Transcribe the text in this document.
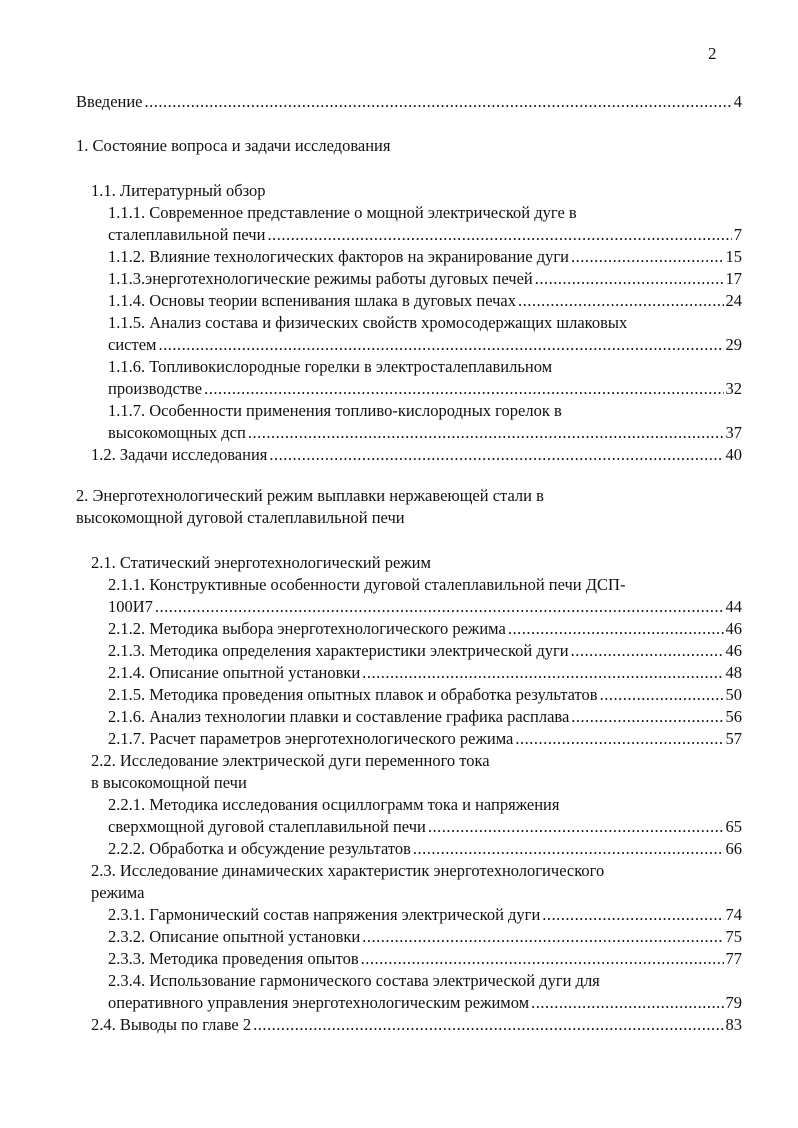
2
Введение .....	4
1. Состояние вопроса и задачи исследования
1.1. Литературный обзор
1.1.1. Современное представление о мощной электрической дуге в
сталеплавильной печи .....	7
1.1.2. Влияние технологических факторов на экранирование дуги .....	15
1.1.3.энерготехнологические режимы работы дуговых печей .....	17
1.1.4. Основы теории вспенивания шлака в дуговых печах .....	24
1.1.5. Анализ состава и физических свойств хромосодержащих шлаковых
систем .....	29
1.1.6. Топливокислородные горелки в электросталеплавильном
производстве .....	32
1.1.7. Особенности применения топливо-кислородных горелок в
высокомощных дсп .....	37
1.2. Задачи исследования .....	40
2. Энерготехнологический режим выплавки нержавеющей стали в
высокомощной дуговой сталеплавильной печи
2.1. Статический энерготехнологический режим
2.1.1. Конструктивные особенности дуговой сталеплавильной печи ДСП-
100И7 .....	44
2.1.2. Методика выбора энерготехнологического режима .....	46
2.1.3. Методика определения характеристики электрической дуги .....	46
2.1.4. Описание опытной установки .....	48
2.1.5. Методика проведения опытных плавок и обработка результатов .....	50
2.1.6. Анализ технологии плавки и составление графика расплава .....	56
2.1.7. Расчет параметров энерготехнологического режима .....	57
2.2. Исследование электрической дуги переменного тока
в высокомощной печи
2.2.1. Методика исследования осциллограмм тока и напряжения
сверхмощной дуговой сталеплавильной печи .....	65
2.2.2. Обработка и обсуждение результатов .....	66
2.3. Исследование динамических характеристик энерготехнологического
режима
2.3.1. Гармонический состав напряжения электрической дуги .....	74
2.3.2. Описание опытной установки .....	75
2.3.3. Методика проведения опытов .....	77
2.3.4. Использование гармонического состава электрической дуги для
оперативного управления энерготехнологическим режимом .....	79
2.4. Выводы по главе 2 .....	83
